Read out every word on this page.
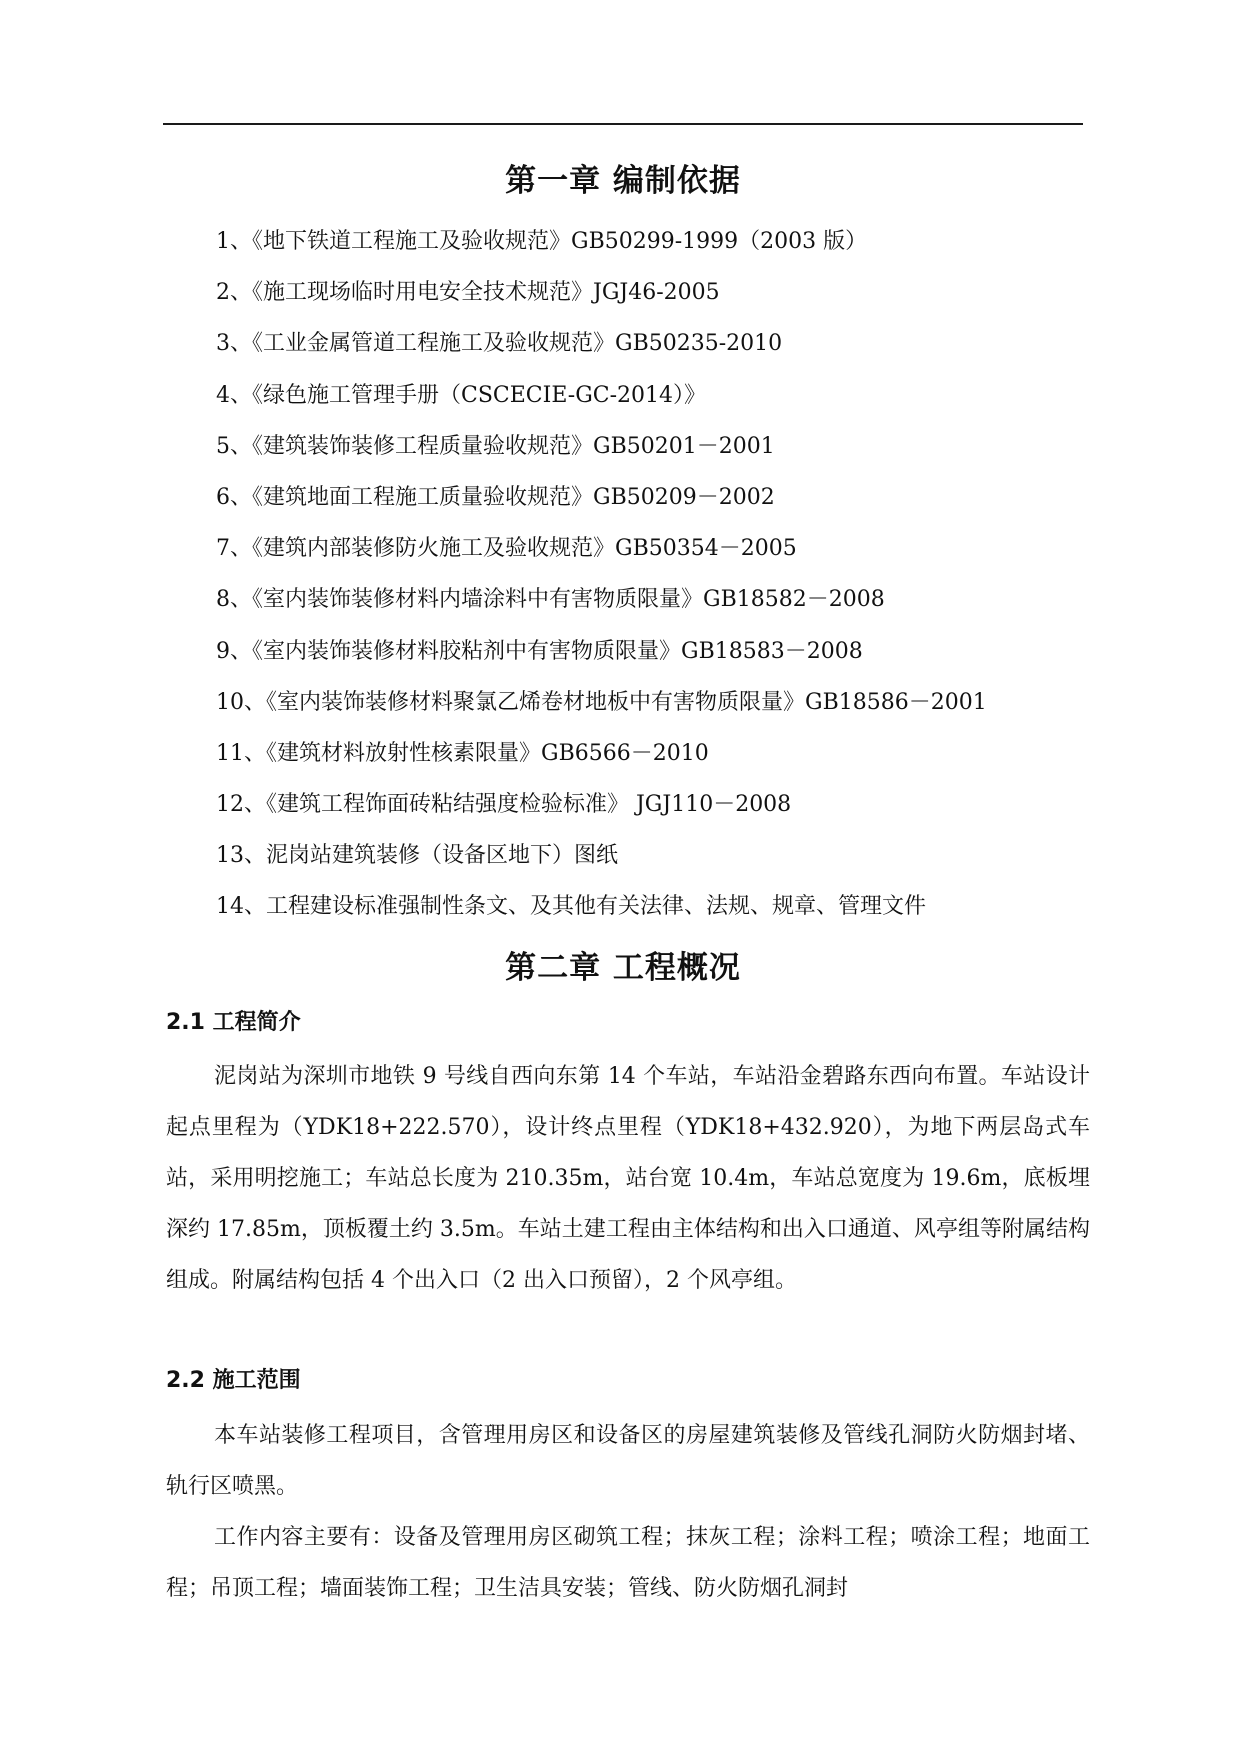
第一章 编制依据
1、《地下铁道工程施工及验收规范》GB50299-1999（2003 版）
2、《施工现场临时用电安全技术规范》JGJ46-2005
3、《工业金属管道工程施工及验收规范》GB50235-2010
4、《绿色施工管理手册（CSCECIE-GC-2014）》
5、《建筑装饰装修工程质量验收规范》GB50201－2001
6、《建筑地面工程施工质量验收规范》GB50209－2002
7、《建筑内部装修防火施工及验收规范》GB50354－2005
8、《室内装饰装修材料内墙涂料中有害物质限量》GB18582－2008
9、《室内装饰装修材料胶粘剂中有害物质限量》GB18583－2008
10、《室内装饰装修材料聚氯乙烯卷材地板中有害物质限量》GB18586－2001
11、《建筑材料放射性核素限量》GB6566－2010
12、《建筑工程饰面砖粘结强度检验标准》 JGJ110－2008
13、泥岗站建筑装修（设备区地下）图纸
14、工程建设标准强制性条文、及其他有关法律、法规、规章、管理文件
第二章 工程概况
2.1 工程简介

泥岗站为深圳市地铁 9 号线自西向东第 14 个车站，车站沿金碧路东西向布置。车站设计起点里程为（YDK18+222.570），设计终点里程（YDK18+432.920），为地下两层岛式车站，采用明挖施工；车站总长度为 210.35m，站台宽 10.4m，车站总宽度为 19.6m，底板埋深约 17.85m，顶板覆土约 3.5m。车站土建工程由主体结构和出入口通道、风亭组等附属结构组成。附属结构包括 4 个出入口（2 出入口预留），2 个风亭组。

2.2 施工范围

本车站装修工程项目，含管理用房区和设备区的房屋建筑装修及管线孔洞防火防烟封堵、轨行区喷黑。

工作内容主要有：设备及管理用房区砌筑工程；抹灰工程；涂料工程；喷涂工程；地面工程；吊顶工程；墙面装饰工程；卫生洁具安装；管线、防火防烟孔洞封
